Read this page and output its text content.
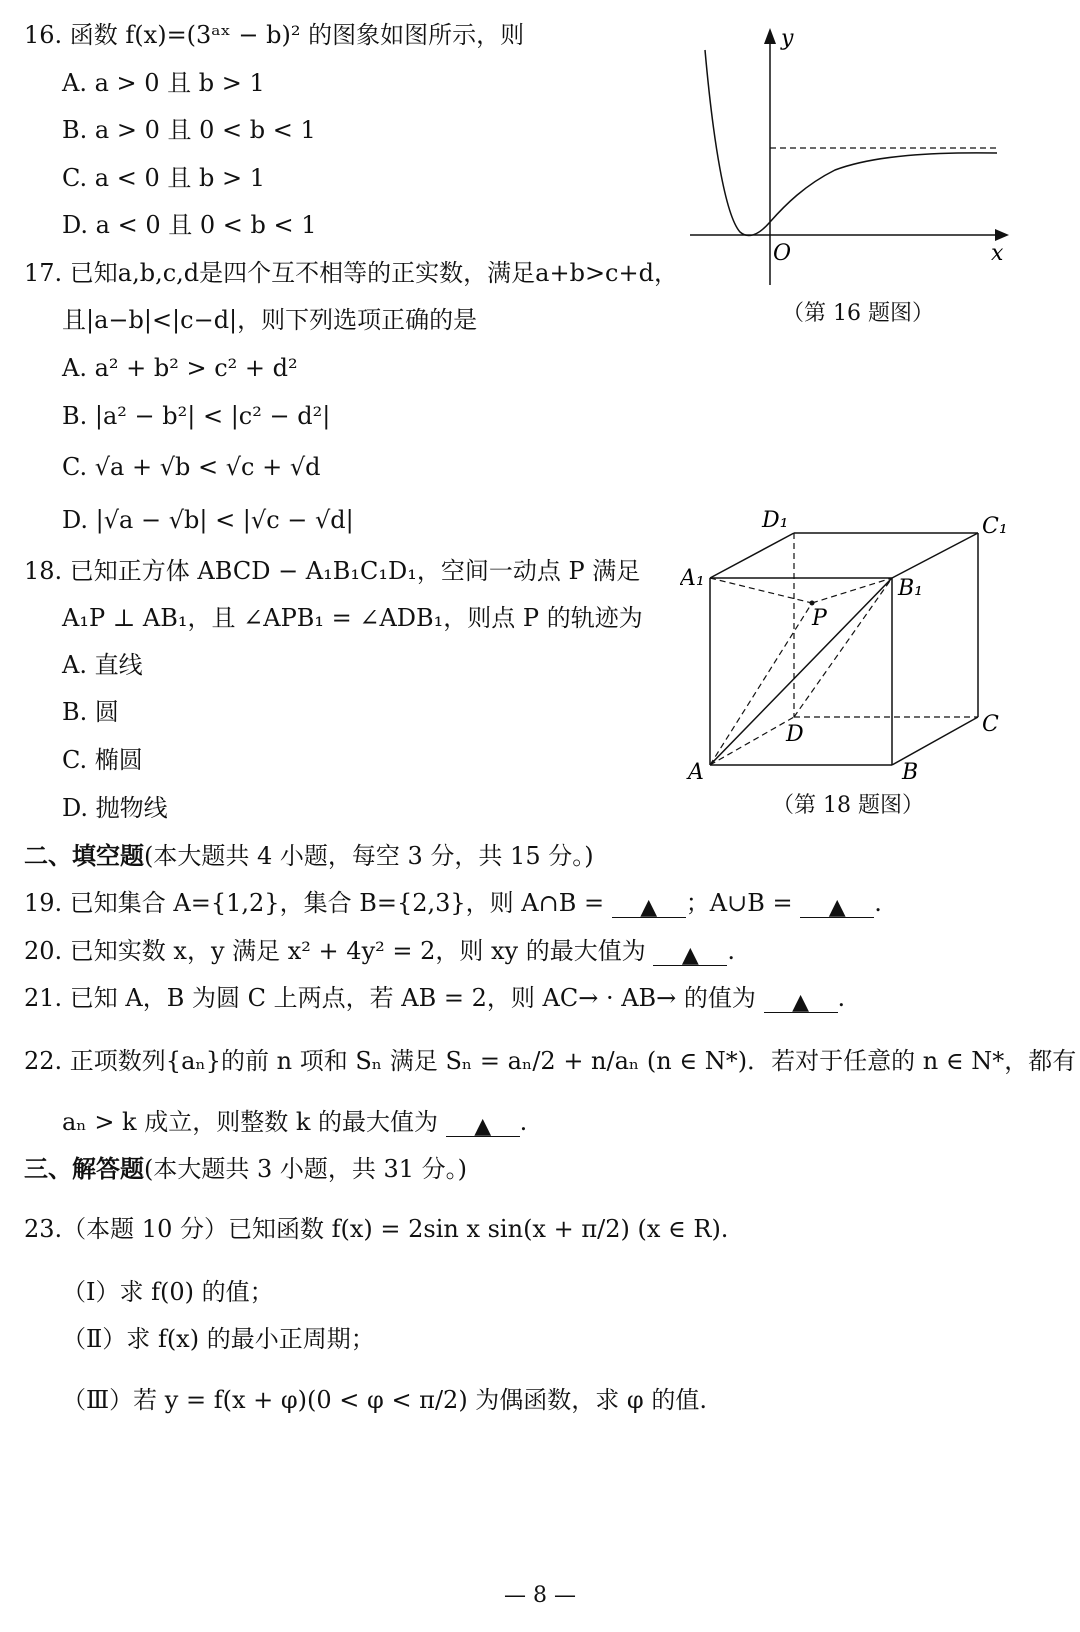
16. 函数 f(x)=(3ᵃˣ − b)² 的图象如图所示，则
A. a > 0 且 b > 1
B. a > 0 且 0 < b < 1
C. a < 0 且 b > 1
D. a < 0 且 0 < b < 1
y
x
O
（第 16 题图）
17. 已知a,b,c,d是四个互不相等的正实数，满足a+b>c+d，
且|a−b|<|c−d|，则下列选项正确的是
A. a² + b² > c² + d²
B. |a² − b²| < |c² − d²|
C. √a + √b < √c + √d
D. |√a − √b| < |√c − √d|
18. 已知正方体 ABCD − A₁B₁C₁D₁，空间一动点 P 满足
A₁P ⊥ AB₁，且 ∠APB₁ = ∠ADB₁，则点 P 的轨迹为
A. 直线
B. 圆
C. 椭圆
D. 抛物线
A	B
C
D
A₁	B₁
C₁
D₁
P
（第 18 题图）
二、填空题(本大题共 4 小题，每空 3 分，共 15 分。)
19. 已知集合 A={1,2}，集合 B={2,3}，则 A∩B = ▲ ；A∪B = ▲ .
20. 已知实数 x，y 满足 x² + 4y² = 2，则 xy 的最大值为 ▲ .
21. 已知 A，B 为圆 C 上两点，若 AB = 2，则 AC→ · AB→ 的值为 ▲ .
22. 正项数列{aₙ}的前 n 项和 Sₙ 满足 Sₙ = aₙ/2 + n/aₙ (n ∈ N*)．若对于任意的 n ∈ N*，都有
aₙ > k 成立，则整数 k 的最大值为 ▲ .
三、解答题(本大题共 3 小题，共 31 分。)
23.（本题 10 分）已知函数 f(x) = 2sin x sin(x + π/2) (x ∈ R).
（Ⅰ）求 f(0) 的值；
（Ⅱ）求 f(x) 的最小正周期；
（Ⅲ）若 y = f(x + φ)(0 < φ < π/2) 为偶函数，求 φ 的值.
— 8 —
